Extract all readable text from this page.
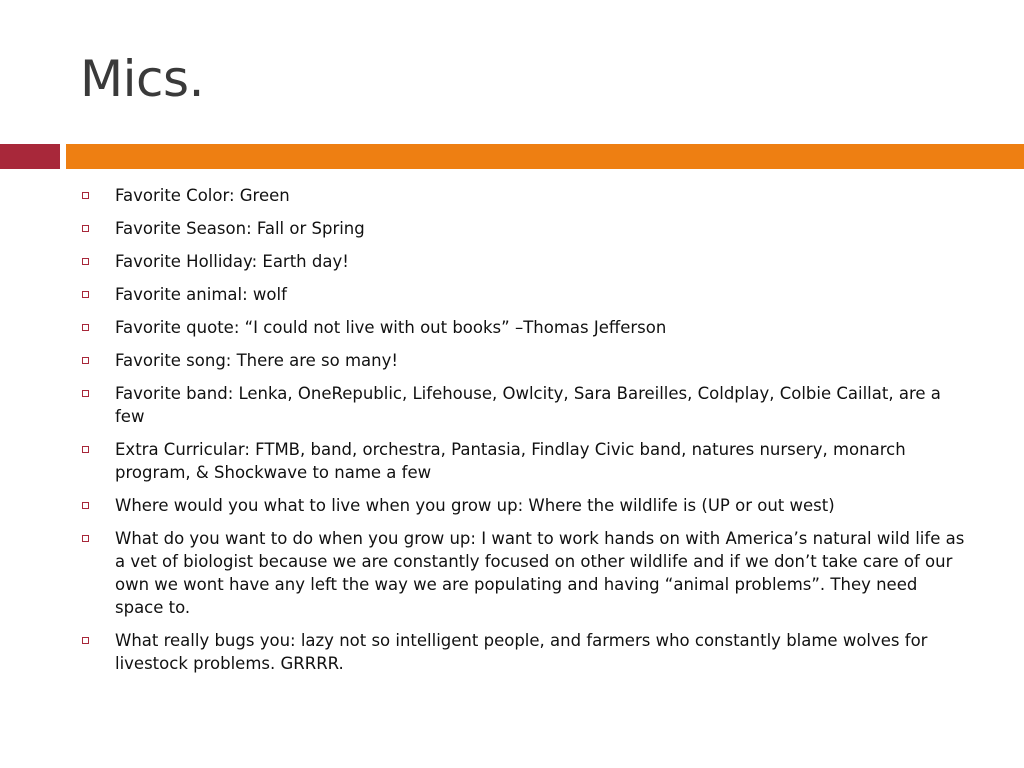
Mics.
Favorite Color: Green
Favorite Season: Fall or Spring
Favorite Holliday: Earth day!
Favorite animal: wolf
Favorite quote: “I could not live with out books” –Thomas Jefferson
Favorite song: There are so many!
Favorite band: Lenka, OneRepublic, Lifehouse, Owlcity, Sara Bareilles, Coldplay, Colbie Caillat, are a few
Extra Curricular: FTMB, band, orchestra, Pantasia, Findlay Civic band, natures nursery, monarch program, & Shockwave to name a few
Where would you what to live when you grow up: Where the wildlife is (UP or out west)
What do you want to do when you grow up: I want to work hands on with America’s natural wild life as a vet of biologist because we are constantly focused on other wildlife and if we don’t take care of our own we wont have any left the way we are populating and having “animal problems”. They need space to.
What really bugs you: lazy not so intelligent people, and farmers who constantly blame wolves for livestock problems. GRRRR.
